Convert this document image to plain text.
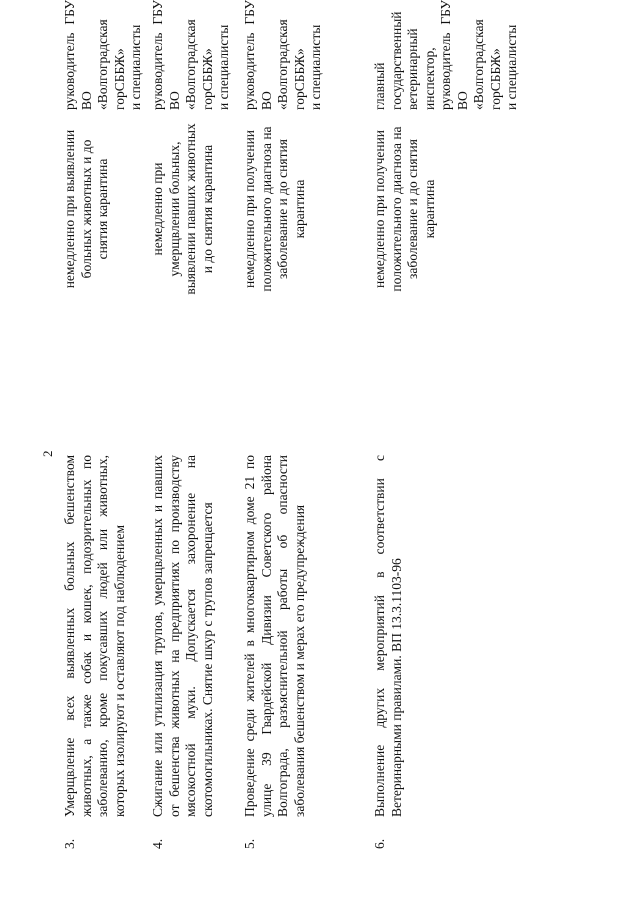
2
3.
Умерщвление всех выявленных больных бешенством животных, а также собак и кошек, подозрительных по заболеванию, кроме покусавших людей или животных, которых изолируют и оставляют под наблюдением
немедленно при выявлении больных животных и до снятия карантина
руководитель ГБУ ВО «Волгоградская горСББЖ» и специалисты
4.
Сжигание или утилизация трупов, умерщвленных и павших от бешенства животных на предприятиях по производству мясокостной муки. Допускается захоронение на скотомогильниках. Снятие шкур с трупов запрещается
немедленно при умерщвлении больных, выявлении павших животных и до снятия карантина
руководитель ГБУ ВО «Волгоградская горСББЖ» и специалисты
5.
Проведение среди жителей в многоквартирном доме 21 по улице 39 Гвардейской Дивизии Советского района Волгограда, разъяснительной работы об опасности заболевания бешенством и мерах его предупреждения
немедленно при получении положительного диагноза на заболевание и до снятия карантина
руководитель ГБУ ВО «Волгоградская горСББЖ» и специалисты
6.
Выполнение других мероприятий в соответствии с Ветеринарными правилами. ВП 13.3.1103-96
немедленно при получении положительного диагноза на заболевание и до снятия карантина
главный государственный ветеринарный инспектор, руководитель ГБУ ВО «Волгоградская горСББЖ» и специалисты
